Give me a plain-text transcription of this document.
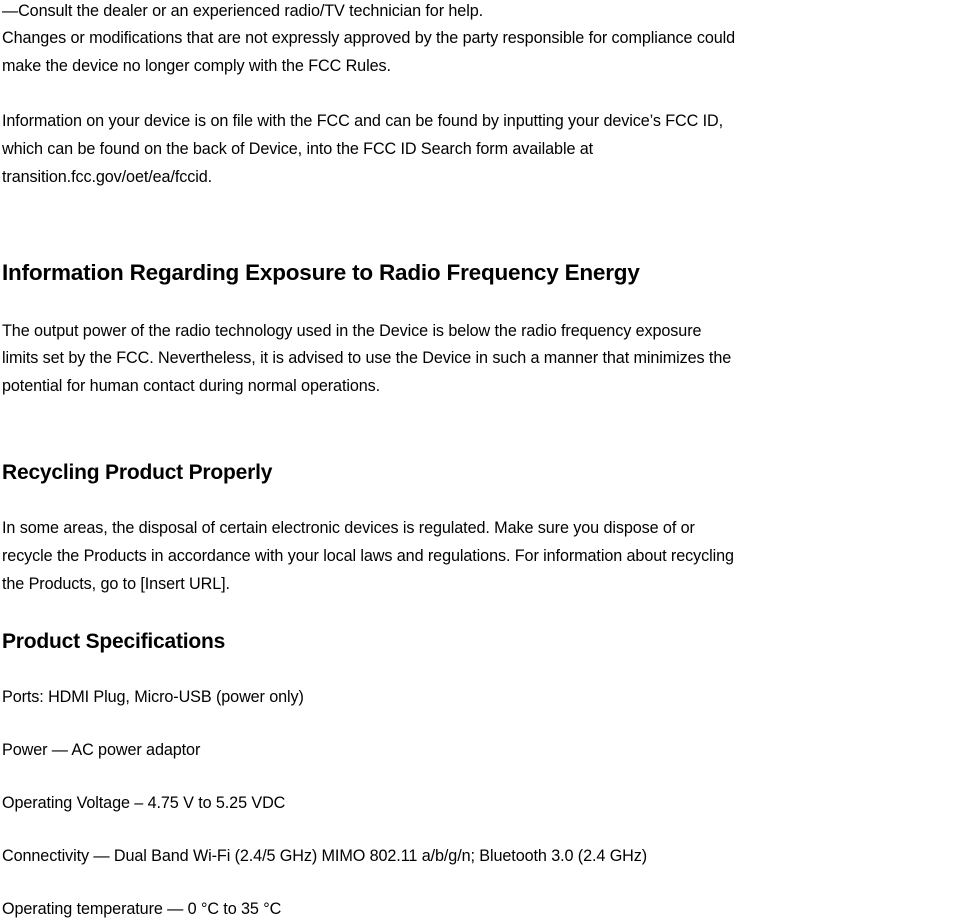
—Consult the dealer or an experienced radio/TV technician for help.
Changes or modifications that are not expressly approved by the party responsible for compliance could
make the device no longer comply with the FCC Rules.
Information on your device is on file with the FCC and can be found by inputting your device’s FCC ID,
which can be found on the back of Device, into the FCC ID Search form available at
transition.fcc.gov/oet/ea/fccid.
Information Regarding Exposure to Radio Frequency Energy
The output power of the radio technology used in the Device is below the radio frequency exposure
limits set by the FCC. Nevertheless, it is advised to use the Device in such a manner that minimizes the
potential for human contact during normal operations.
Recycling Product Properly
In some areas, the disposal of certain electronic devices is regulated. Make sure you dispose of or
recycle the Products in accordance with your local laws and regulations. For information about recycling
the Products, go to [Insert URL].
Product Specifications
Ports: HDMI Plug, Micro-USB (power only)
Power — AC power adaptor
Operating Voltage – 4.75 V to 5.25 VDC
Connectivity — Dual Band Wi-Fi (2.4/5 GHz) MIMO 802.11 a/b/g/n; Bluetooth 3.0 (2.4 GHz)
Operating temperature — 0 °C to 35 °C
